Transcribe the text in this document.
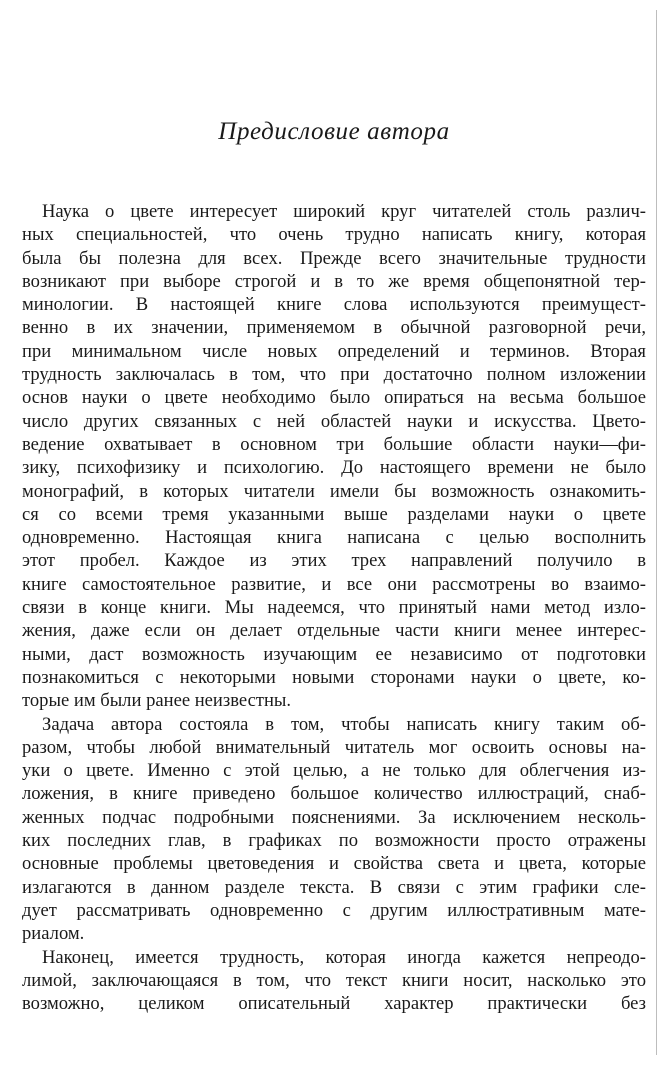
Предисловие автора
Наука о цвете интересует широкий круг читателей столь различ-
ных специальностей, что очень трудно написать книгу, которая
была бы полезна для всех. Прежде всего значительные трудности
возникают при выборе строгой и в то же время общепонятной тер-
минологии. В настоящей книге слова используются преимущест-
венно в их значении, применяемом в обычной разговорной речи,
при минимальном числе новых определений и терминов. Вторая
трудность заключалась в том, что при достаточно полном изложении
основ науки о цвете необходимо было опираться на весьма большое
число других связанных с ней областей науки и искусства. Цвето-
ведение охватывает в основном три большие области науки—фи-
зику, психофизику и психологию. До настоящего времени не было
монографий, в которых читатели имели бы возможность ознакомить-
ся со всеми тремя указанными выше разделами науки о цвете
одновременно. Настоящая книга написана с целью восполнить
этот пробел. Каждое из этих трех направлений получило в
книге самостоятельное развитие, и все они рассмотрены во взаимо-
связи в конце книги. Мы надеемся, что принятый нами метод изло-
жения, даже если он делает отдельные части книги менее интерес-
ными, даст возможность изучающим ее независимо от подготовки
познакомиться с некоторыми новыми сторонами науки о цвете, ко-
торые им были ранее неизвестны.
Задача автора состояла в том, чтобы написать книгу таким об-
разом, чтобы любой внимательный читатель мог освоить основы на-
уки о цвете. Именно с этой целью, а не только для облегчения из-
ложения, в книге приведено большое количество иллюстраций, снаб-
женных подчас подробными пояснениями. За исключением несколь-
ких последних глав, в графиках по возможности просто отражены
основные проблемы цветоведения и свойства света и цвета, которые
излагаются в данном разделе текста. В связи с этим графики сле-
дует рассматривать одновременно с другим иллюстративным мате-
риалом.
Наконец, имеется трудность, которая иногда кажется непреодо-
лимой, заключающаяся в том, что текст книги носит, насколько это
возможно, целиком описательный характер практически без
